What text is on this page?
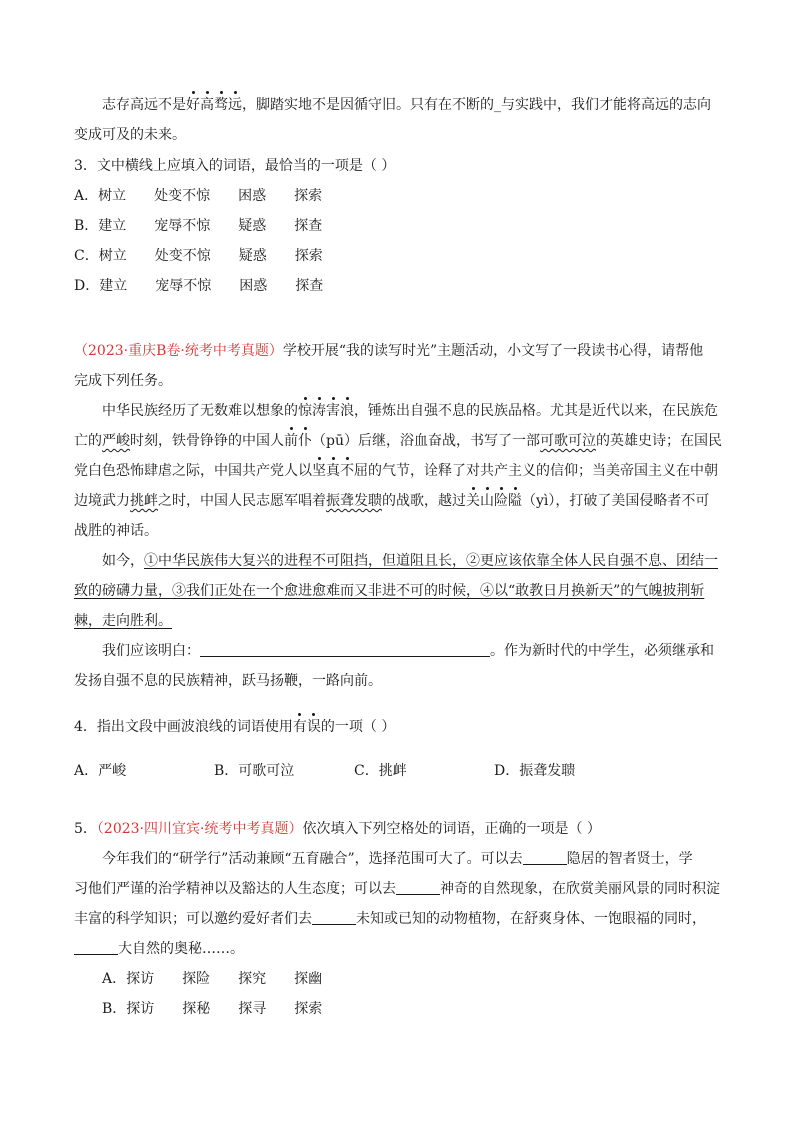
志存高远不是好高骛远，脚踏实地不是因循守旧。只有在不断的_与实践中，我们才能将高远的志向
变成可及的未来。
3．文中横线上应填入的词语，最恰当的一项是（ ）
A．树立 处变不惊 困惑 探索
B．建立 宠辱不惊 疑惑 探查
C．树立 处变不惊 疑惑 探索
D．建立 宠辱不惊 困惑 探查
（2023·重庆B卷·统考中考真题）学校开展“我的读写时光”主题活动，小文写了一段读书心得，请帮他
完成下列任务。
中华民族经历了无数难以想象的惊涛害浪，锤炼出自强不息的民族品格。尤其是近代以来，在民族危
亡的严峻时刻，铁骨铮铮的中国人前仆（pū）后继，浴血奋战，书写了一部可歌可泣的英雄史诗；在国民
党白色恐怖肆虐之际，中国共产党人以坚真不屈的气节，诠释了对共产主义的信仰；当美帝国主义在中朝
边境武力挑衅之时，中国人民志愿军唱着振聋发聩的战歌，越过关山险隘（yì），打破了美国侵略者不可
战胜的神话。
如今，①中华民族伟大复兴的进程不可阻挡，但道阻且长，②更应该依靠全体人民自强不息、团结一
致的磅礴力量，③我们正处在一个愈进愈难而又非进不可的时候，④以“敢教日月换新天”的气魄披荆斩
棘，走向胜利。
我们应该明白：	。作为新时代的中学生，必须继承和
发扬自强不息的民族精神，跃马扬鞭，一路向前。
4．指出文段中画波浪线的词语使用有误的一项（ ）
A．严峻	B．可歌可泣	C．挑衅	D．振聋发聩
5．（2023·四川宜宾·统考中考真题）依次填入下列空格处的词语，正确的一项是（ ）
今年我们的“研学行”活动兼顾“五育融合”，选择范围可大了。可以去	隐居的智者贤士，学
习他们严谨的治学精神以及豁达的人生态度；可以去	神奇的自然现象，在欣赏美丽风景的同时积淀
丰富的科学知识；可以邀约爱好者们去	未知或已知的动物植物，在舒爽身体、一饱眼福的同时，
大自然的奥秘……。
A．探访 探险 探究 探幽
B．探访 探秘 探寻 探索
